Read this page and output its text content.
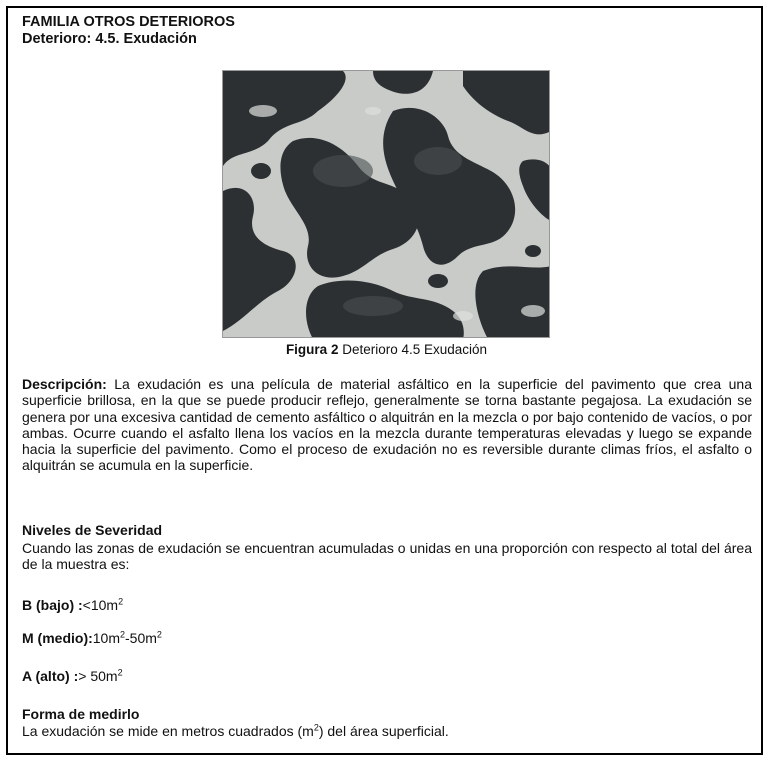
FAMILIA OTROS DETERIOROS
Deterioro: 4.5. Exudación
Figura 2 Deterioro 4.5 Exudación
Descripción: La exudación es una película de material asfáltico en la superficie del pavimento que crea una superficie brillosa, en la que se puede producir reflejo, generalmente se torna bastante pegajosa. La exudación se genera por una excesiva cantidad de cemento asfáltico o alquitrán en la mezcla o por bajo contenido de vacíos, o por ambas. Ocurre cuando el asfalto llena los vacíos en la mezcla durante temperaturas elevadas y luego se expande hacia la superficie del pavimento. Como el proceso de exudación no es reversible durante climas fríos, el asfalto o alquitrán se acumula en la superficie.
Niveles de Severidad
Cuando las zonas de exudación se encuentran acumuladas o unidas en una proporción con respecto al total del área de la muestra es:
B (bajo) $:<10m^2$
M $(medio):10m^2-50m^2$
A (alto) :> $50m^2$
Forma de medirlo
La exudación se mide en metros cuadrados $(m^2)$ del área superficial.
